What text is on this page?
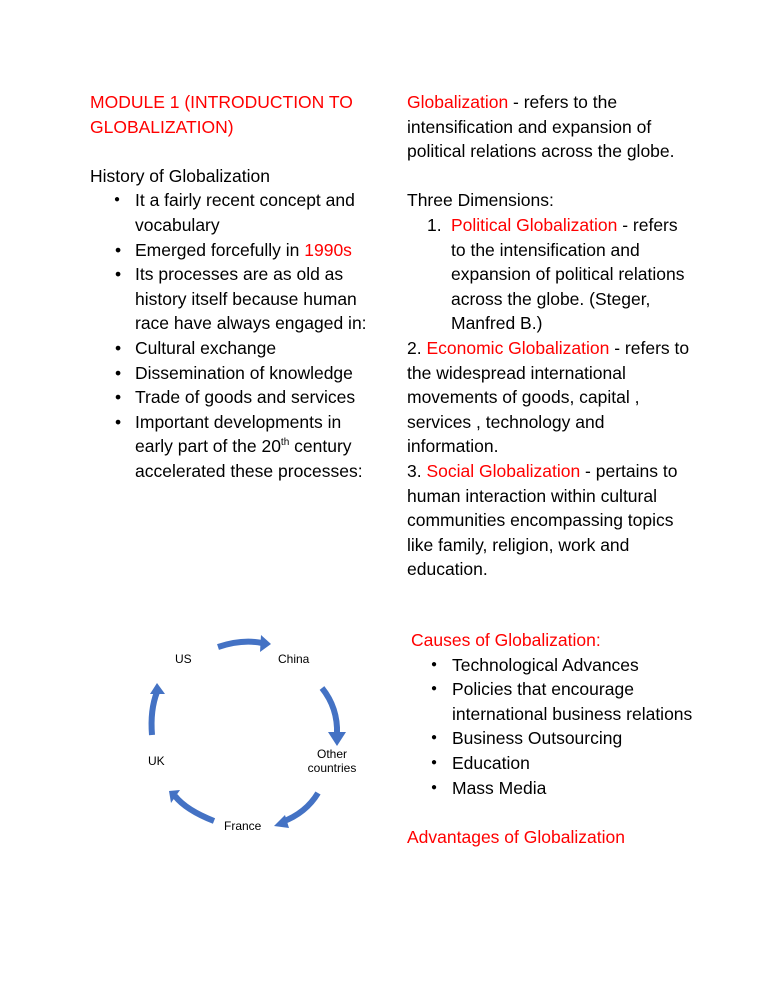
MODULE 1 (INTRODUCTION TO GLOBALIZATION)

History of Globalization

● It a fairly recent concept and vocabulary
• Emerged forcefully in 1990s
• Its processes are as old as history itself because human race have always engaged in:
• Cultural exchange
• Dissemination of knowledge
• Trade of goods and services
• Important developments in early part of the 20th century accelerated these processes:
US	China
Other countries
France
UK

Globalization - refers to the intensification and expansion of political relations across the globe.

Three Dimensions:

1. Political Globalization - refers to the intensification and expansion of political relations across the globe. (Steger, Manfred B.)

2. Economic Globalization - refers to the widespread international movements of goods, capital , services , technology and information.

3. Social Globalization - pertains to human interaction within cultural communities encompassing topics like family, religion, work and education.

Causes of Globalization:

● Technological Advances
● Policies that encourage international business relations
● Business Outsourcing
● Education
● Mass Media

Advantages of Globalization
